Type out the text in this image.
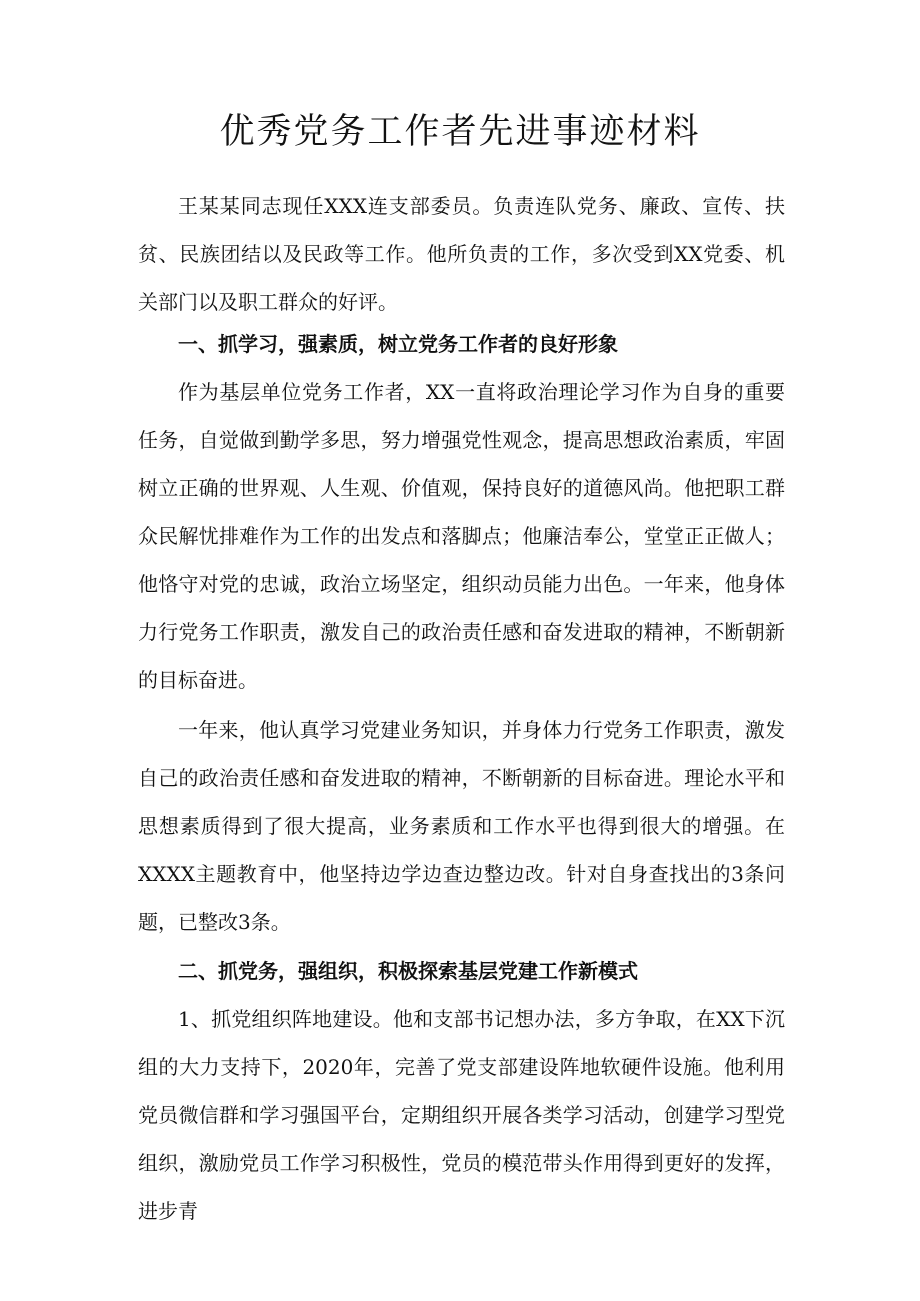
优秀党务工作者先进事迹材料

王某某同志现任XXX连支部委员。负责连队党务、廉政、宣传、扶贫、民族团结以及民政等工作。他所负责的工作，多次受到XX党委、机关部门以及职工群众的好评。

一、抓学习，强素质，树立党务工作者的良好形象

作为基层单位党务工作者，XX一直将政治理论学习作为自身的重要任务，自觉做到勤学多思，努力增强党性观念，提高思想政治素质，牢固树立正确的世界观、人生观、价值观，保持良好的道德风尚。他把职工群众民解忧排难作为工作的出发点和落脚点；他廉洁奉公，堂堂正正做人；他恪守对党的忠诚，政治立场坚定，组织动员能力出色。一年来，他身体力行党务工作职责，激发自己的政治责任感和奋发进取的精神，不断朝新的目标奋进。

一年来，他认真学习党建业务知识，并身体力行党务工作职责，激发自己的政治责任感和奋发进取的精神，不断朝新的目标奋进。理论水平和思想素质得到了很大提高，业务素质和工作水平也得到很大的增强。在XXXX主题教育中，他坚持边学边查边整边改。针对自身查找出的3条问题，已整改3条。

二、抓党务，强组织，积极探索基层党建工作新模式

1、抓党组织阵地建设。他和支部书记想办法，多方争取，在XX下沉组的大力支持下，2020年，完善了党支部建设阵地软硬件设施。他利用党员微信群和学习强国平台，定期组织开展各类学习活动，创建学习型党组织，激励党员工作学习积极性，党员的模范带头作用得到更好的发挥，进步青
